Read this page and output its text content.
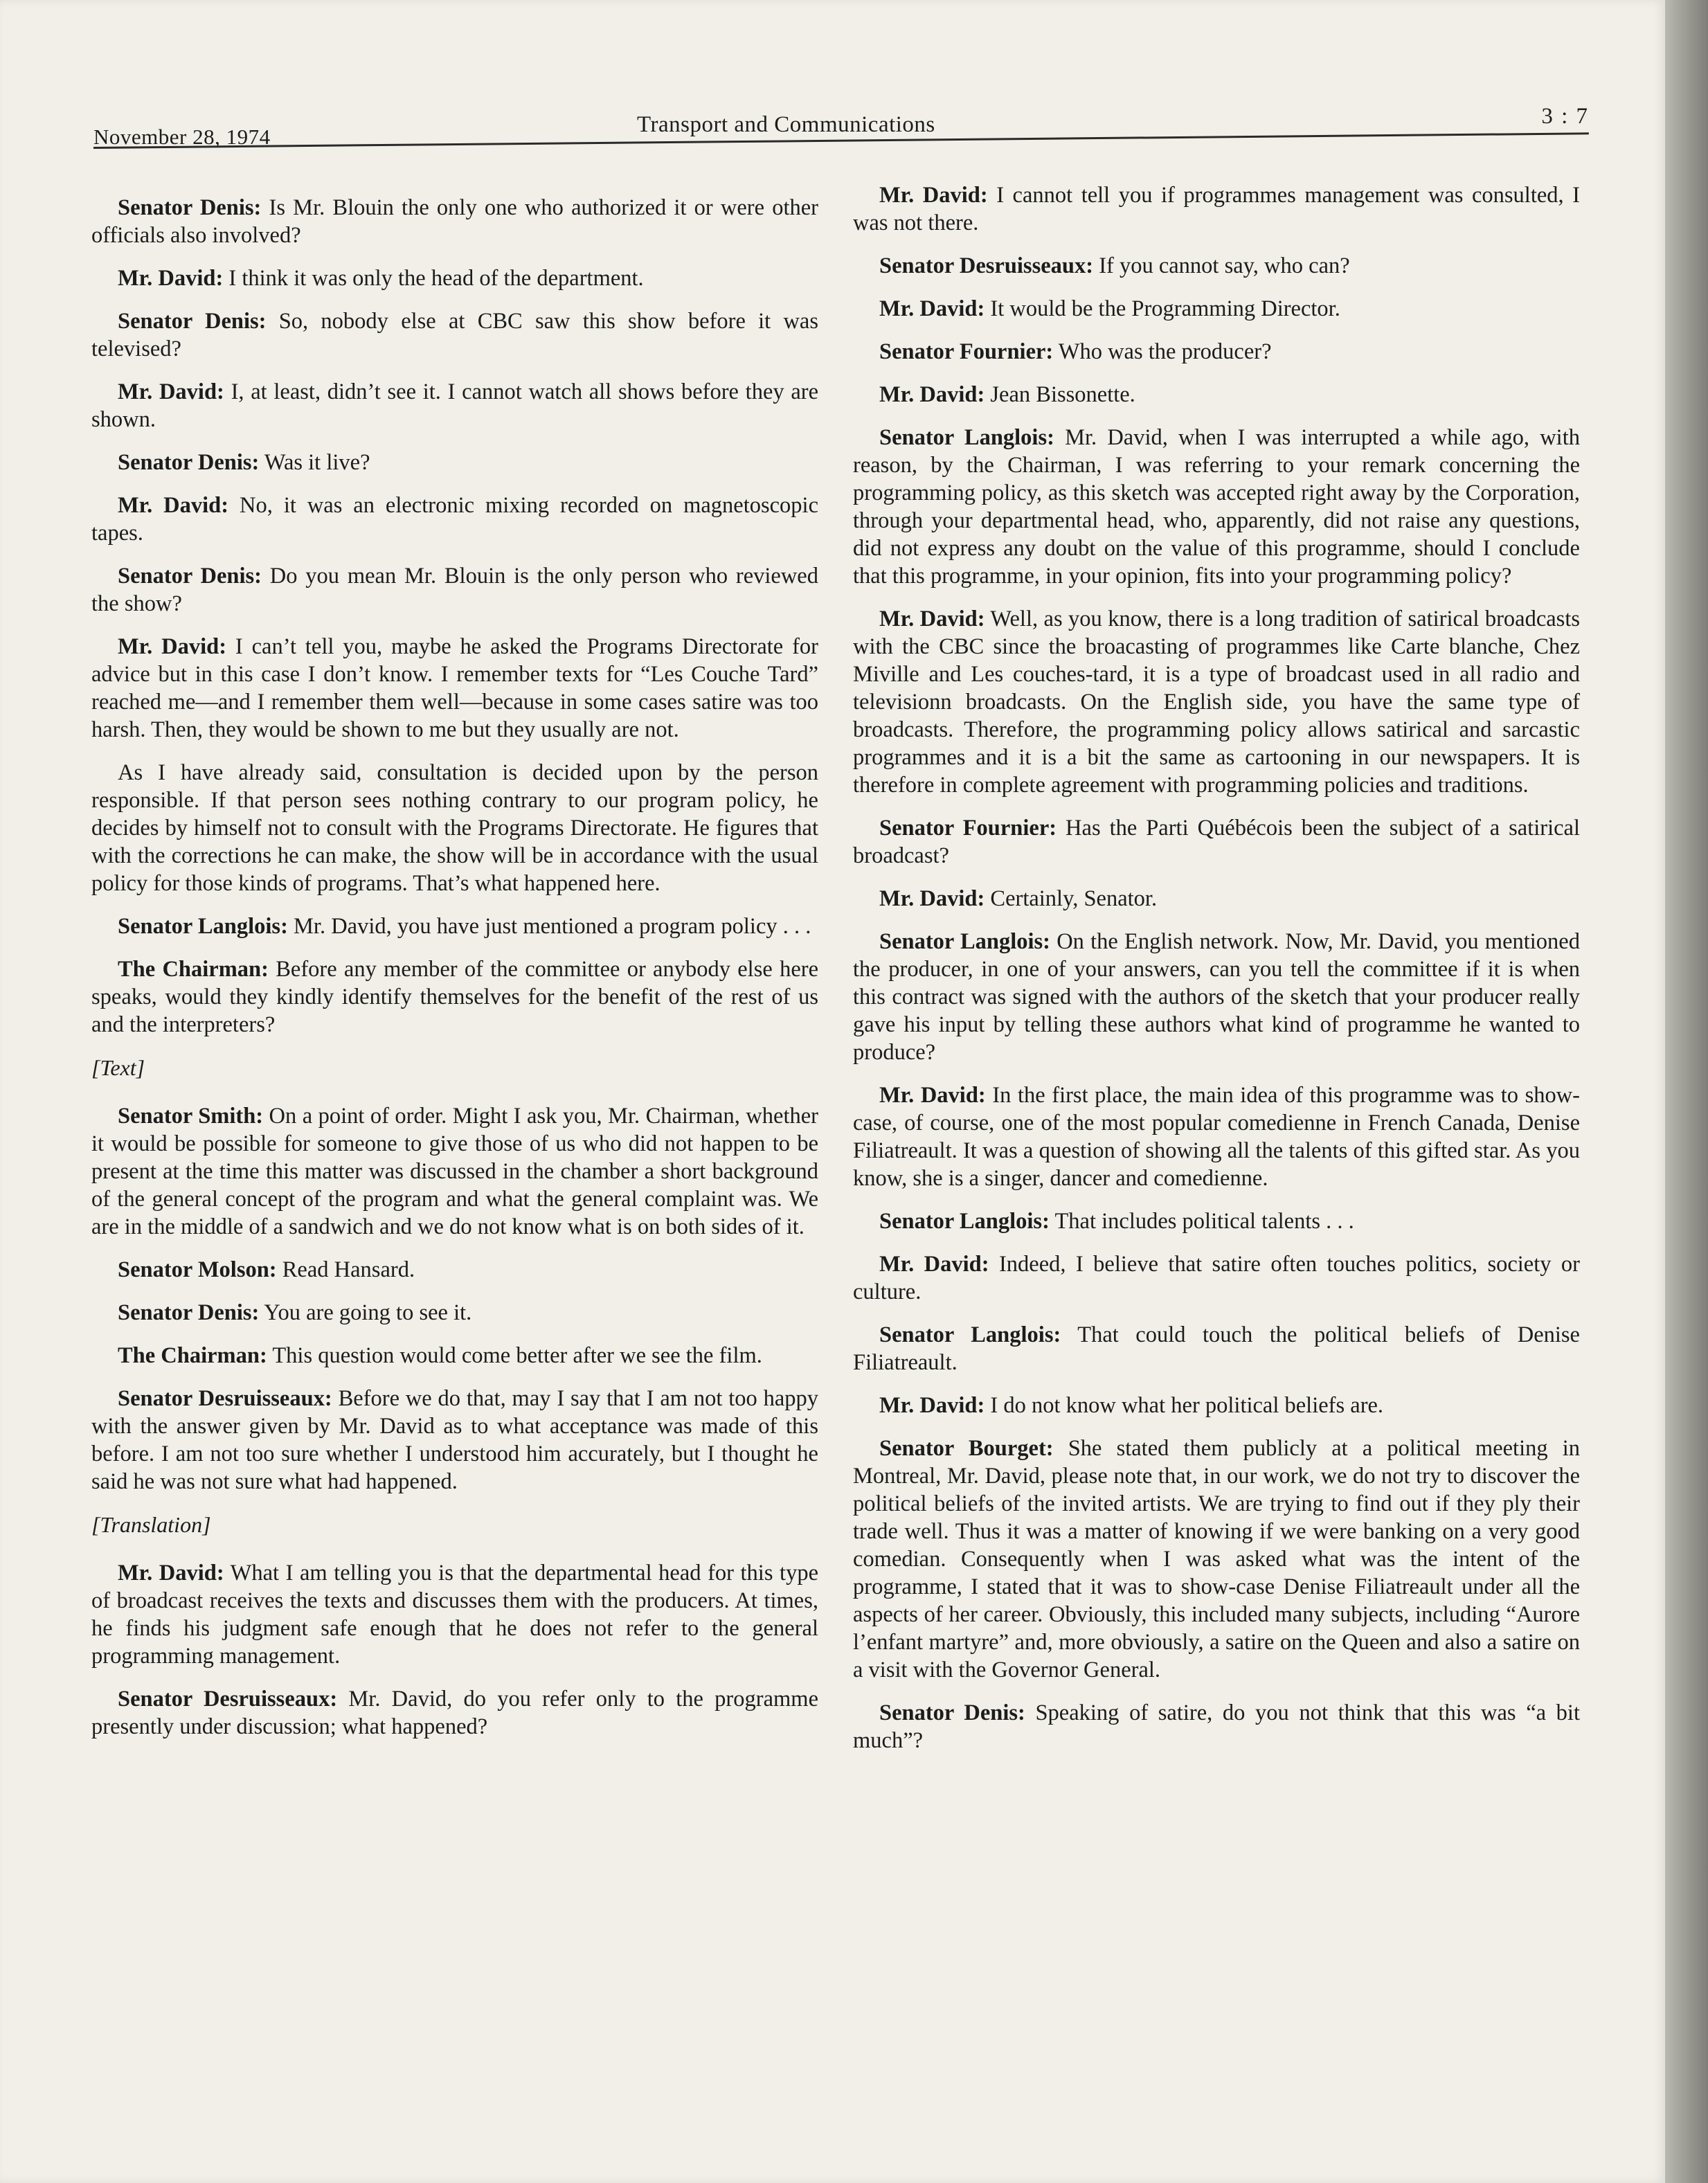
November 28, 1974	Transport and Communications	3 : 7

Senator Denis: Is Mr. Blouin the only one who authorized it or were other officials also involved?

Mr. David: I think it was only the head of the department.

Senator Denis: So, nobody else at CBC saw this show before it was televised?

Mr. David: I, at least, didn’t see it. I cannot watch all shows before they are shown.

Senator Denis: Was it live?

Mr. David: No, it was an electronic mixing recorded on magnetoscopic tapes.

Senator Denis: Do you mean Mr. Blouin is the only person who reviewed the show?

Mr. David: I can’t tell you, maybe he asked the Programs Directorate for advice but in this case I don’t know. I remember texts for “Les Couche Tard” reached me—and I remember them well—because in some cases satire was too harsh. Then, they would be shown to me but they usually are not.

As I have already said, consultation is decided upon by the person responsible. If that person sees nothing contrary to our program policy, he decides by himself not to consult with the Programs Directorate. He figures that with the corrections he can make, the show will be in accordance with the usual policy for those kinds of programs. That’s what happened here.

Senator Langlois: Mr. David, you have just mentioned a program policy . . .

The Chairman: Before any member of the committee or anybody else here speaks, would they kindly identify themselves for the benefit of the rest of us and the interpreters?

[Text]

Senator Smith: On a point of order. Might I ask you, Mr. Chairman, whether it would be possible for someone to give those of us who did not happen to be present at the time this matter was discussed in the chamber a short background of the general concept of the program and what the general complaint was. We are in the middle of a sandwich and we do not know what is on both sides of it.

Senator Molson: Read Hansard.

Senator Denis: You are going to see it.

The Chairman: This question would come better after we see the film.

Senator Desruisseaux: Before we do that, may I say that I am not too happy with the answer given by Mr. David as to what acceptance was made of this before. I am not too sure whether I understood him accurately, but I thought he said he was not sure what had happened.

[Translation]

Mr. David: What I am telling you is that the departmental head for this type of broadcast receives the texts and discusses them with the producers. At times, he finds his judgment safe enough that he does not refer to the general programming management.

Senator Desruisseaux: Mr. David, do you refer only to the programme presently under discussion; what happened?

Mr. David: I cannot tell you if programmes management was consulted, I was not there.

Senator Desruisseaux: If you cannot say, who can?

Mr. David: It would be the Programming Director.

Senator Fournier: Who was the producer?

Mr. David: Jean Bissonette.

Senator Langlois: Mr. David, when I was interrupted a while ago, with reason, by the Chairman, I was referring to your remark concerning the programming policy, as this sketch was accepted right away by the Corporation, through your departmental head, who, apparently, did not raise any questions, did not express any doubt on the value of this programme, should I conclude that this programme, in your opinion, fits into your programming policy?

Mr. David: Well, as you know, there is a long tradition of satirical broadcasts with the CBC since the broacasting of programmes like Carte blanche, Chez Miville and Les couches-tard, it is a type of broadcast used in all radio and televisionn broadcasts. On the English side, you have the same type of broadcasts. Therefore, the programming policy allows satirical and sarcastic programmes and it is a bit the same as cartooning in our newspapers. It is therefore in complete agreement with programming policies and traditions.

Senator Fournier: Has the Parti Québécois been the subject of a satirical broadcast?

Mr. David: Certainly, Senator.

Senator Langlois: On the English network. Now, Mr. David, you mentioned the producer, in one of your answers, can you tell the committee if it is when this contract was signed with the authors of the sketch that your producer really gave his input by telling these authors what kind of programme he wanted to produce?

Mr. David: In the first place, the main idea of this programme was to show-case, of course, one of the most popular comedienne in French Canada, Denise Filiatreault. It was a question of showing all the talents of this gifted star. As you know, she is a singer, dancer and comedienne.

Senator Langlois: That includes political talents . . .

Mr. David: Indeed, I believe that satire often touches politics, society or culture.

Senator Langlois: That could touch the political beliefs of Denise Filiatreault.

Mr. David: I do not know what her political beliefs are.

Senator Bourget: She stated them publicly at a political meeting in Montreal, Mr. David, please note that, in our work, we do not try to discover the political beliefs of the invited artists. We are trying to find out if they ply their trade well. Thus it was a matter of knowing if we were banking on a very good comedian. Consequently when I was asked what was the intent of the programme, I stated that it was to show-case Denise Filiatreault under all the aspects of her career. Obviously, this included many subjects, including “Aurore l’enfant martyre” and, more obviously, a satire on the Queen and also a satire on a visit with the Governor General.

Senator Denis: Speaking of satire, do you not think that this was “a bit much”?
